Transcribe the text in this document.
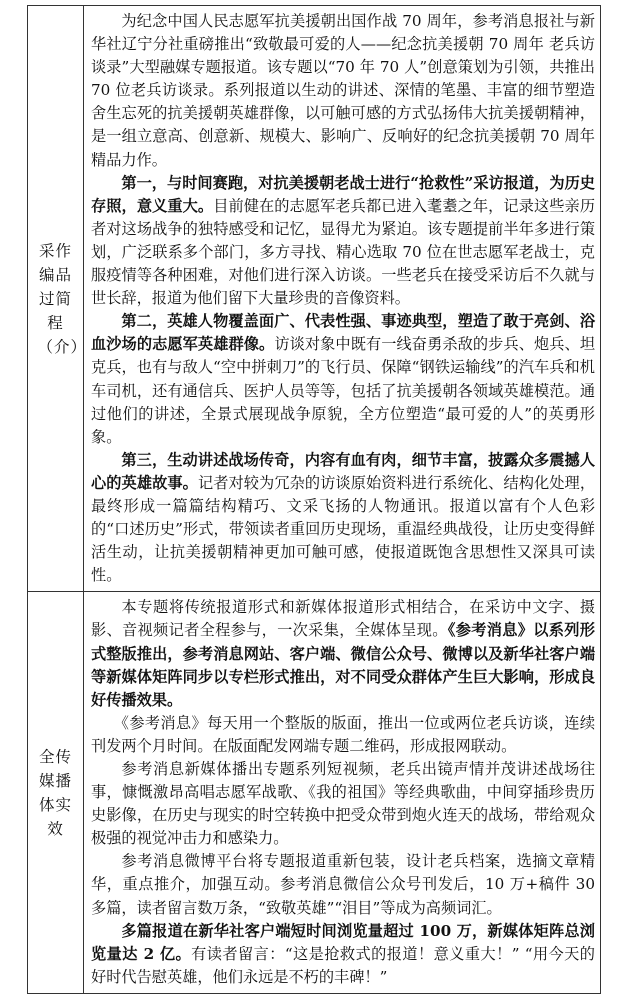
采作编品过简程（介）	为纪念中国人民志愿军抗美援朝出国作战 70 周年，参考消息报社与新华社辽宁分社重磅推出“致敬最可爱的人——纪念抗美援朝 70 周年 老兵访谈录”大型融媒专题报道。该专题以“70 年 70 人”创意策划为引领，共推出 70 位老兵访谈录。系列报道以生动的讲述、深情的笔墨、丰富的细节塑造舍生忘死的抗美援朝英雄群像，以可触可感的方式弘扬伟大抗美援朝精神，是一组立意高、创意新、规模大、影响广、反响好的纪念抗美援朝 70 周年精品力作。

第一，与时间赛跑，对抗美援朝老战士进行“抢救性”采访报道，为历史存照，意义重大。目前健在的志愿军老兵都已进入耄耋之年，记录这些亲历者对这场战争的独特感受和记忆，显得尤为紧迫。该专题提前半年多进行策划，广泛联系多个部门，多方寻找、精心选取 70 位在世志愿军老战士，克服疫情等各种困难，对他们进行深入访谈。一些老兵在接受采访后不久就与世长辞，报道为他们留下大量珍贵的音像资料。

第二，英雄人物覆盖面广、代表性强、事迹典型，塑造了敢于亮剑、浴血沙场的志愿军英雄群像。访谈对象中既有一线奋勇杀敌的步兵、炮兵、坦克兵，也有与敌人“空中拼刺刀”的飞行员、保障“钢铁运输线”的汽车兵和机车司机，还有通信兵、医护人员等等，包括了抗美援朝各领域英雄模范。通过他们的讲述，全景式展现战争原貌，全方位塑造“最可爱的人”的英勇形象。

第三，生动讲述战场传奇，内容有血有肉，细节丰富，披露众多震撼人心的英雄故事。记者对较为冗杂的访谈原始资料进行系统化、结构化处理，最终形成一篇篇结构精巧、文采飞扬的人物通讯。报道以富有个人色彩的“口述历史”形式，带领读者重回历史现场，重温经典战役，让历史变得鲜活生动，让抗美援朝精神更加可触可感，使报道既饱含思想性又深具可读性。

全传媒播体实效	本专题将传统报道形式和新媒体报道形式相结合，在采访中文字、摄影、音视频记者全程参与，一次采集，全媒体呈现。《参考消息》以系列形式整版推出，参考消息网站、客户端、微信公众号、微博以及新华社客户端等新媒体矩阵同步以专栏形式推出，对不同受众群体产生巨大影响，形成良好传播效果。

《参考消息》每天用一个整版的版面，推出一位或两位老兵访谈，连续刊发两个月时间。在版面配发网端专题二维码，形成报网联动。

参考消息新媒体播出专题系列短视频，老兵出镜声情并茂讲述战场往事，慷慨激昂高唱志愿军战歌、《我的祖国》等经典歌曲，中间穿插珍贵历史影像，在历史与现实的时空转换中把受众带到炮火连天的战场，带给观众极强的视觉冲击力和感染力。

参考消息微博平台将专题报道重新包装，设计老兵档案，选摘文章精华，重点推介，加强互动。参考消息微信公众号刊发后，10 万+稿件 30 多篇，读者留言数万条，“致敬英雄”“泪目”等成为高频词汇。

多篇报道在新华社客户端短时间浏览量超过 100 万，新媒体矩阵总浏览量达 2 亿。有读者留言：“这是抢救式的报道！意义重大！” “用今天的好时代告慰英雄，他们永远是不朽的丰碑！”
